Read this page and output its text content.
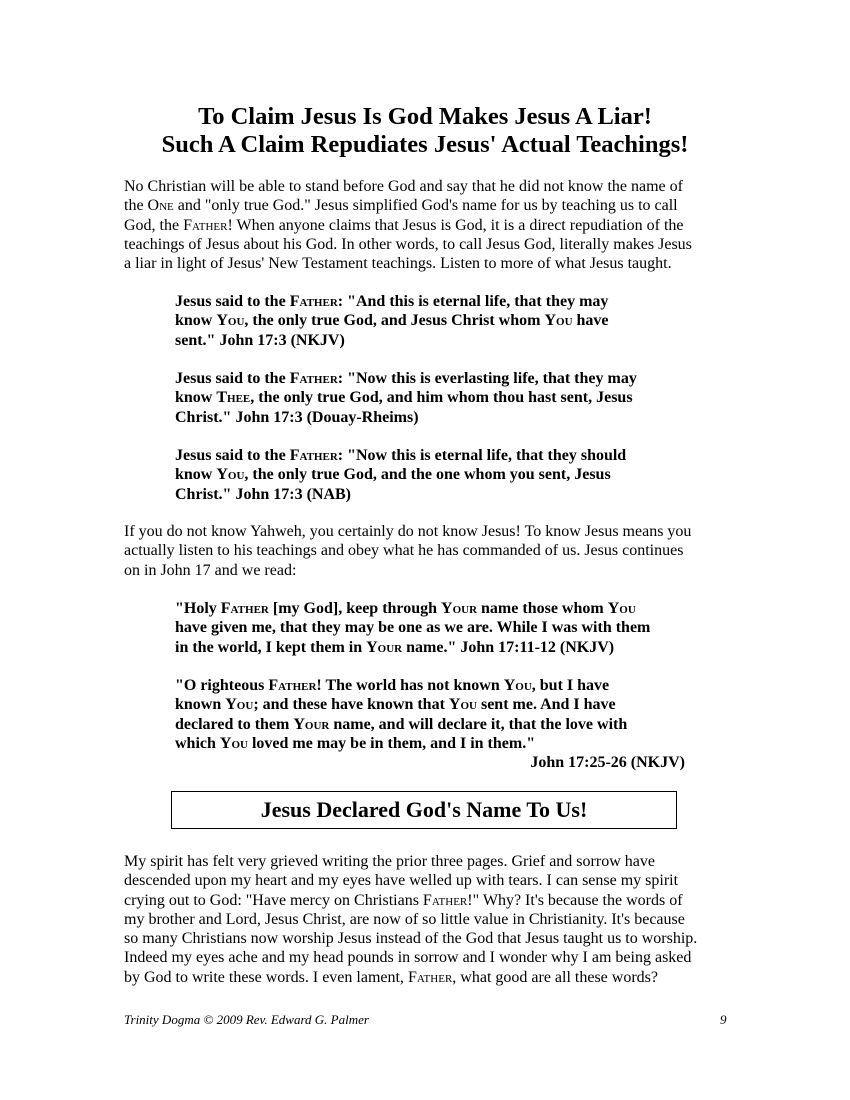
To Claim Jesus Is God Makes Jesus A Liar!
Such A Claim Repudiates Jesus' Actual Teachings!
No Christian will be able to stand before God and say that he did not know the name of
the One and "only true God." Jesus simplified God's name for us by teaching us to call
God, the Father! When anyone claims that Jesus is God, it is a direct repudiation of the
teachings of Jesus about his God. In other words, to call Jesus God, literally makes Jesus
a liar in light of Jesus' New Testament teachings. Listen to more of what Jesus taught.
Jesus said to the Father: "And this is eternal life, that they may
know You, the only true God, and Jesus Christ whom You have
sent." John 17:3 (NKJV)
Jesus said to the Father: "Now this is everlasting life, that they may
know Thee, the only true God, and him whom thou hast sent, Jesus
Christ." John 17:3 (Douay-Rheims)
Jesus said to the Father: "Now this is eternal life, that they should
know You, the only true God, and the one whom you sent, Jesus
Christ." John 17:3 (NAB)
If you do not know Yahweh, you certainly do not know Jesus! To know Jesus means you
actually listen to his teachings and obey what he has commanded of us. Jesus continues
on in John 17 and we read:
"Holy Father [my God], keep through Your name those whom You
have given me, that they may be one as we are. While I was with them
in the world, I kept them in Your name." John 17:11-12 (NKJV)
"O righteous Father! The world has not known You, but I have
known You; and these have known that You sent me. And I have
declared to them Your name, and will declare it, that the love with
which You loved me may be in them, and I in them."
John 17:25-26 (NKJV)
Jesus Declared God's Name To Us!
My spirit has felt very grieved writing the prior three pages. Grief and sorrow have
descended upon my heart and my eyes have welled up with tears. I can sense my spirit
crying out to God: "Have mercy on Christians Father!" Why? It's because the words of
my brother and Lord, Jesus Christ, are now of so little value in Christianity. It's because
so many Christians now worship Jesus instead of the God that Jesus taught us to worship.
Indeed my eyes ache and my head pounds in sorrow and I wonder why I am being asked
by God to write these words. I even lament, Father, what good are all these words?
Trinity Dogma © 2009 Rev. Edward G. Palmer	9
